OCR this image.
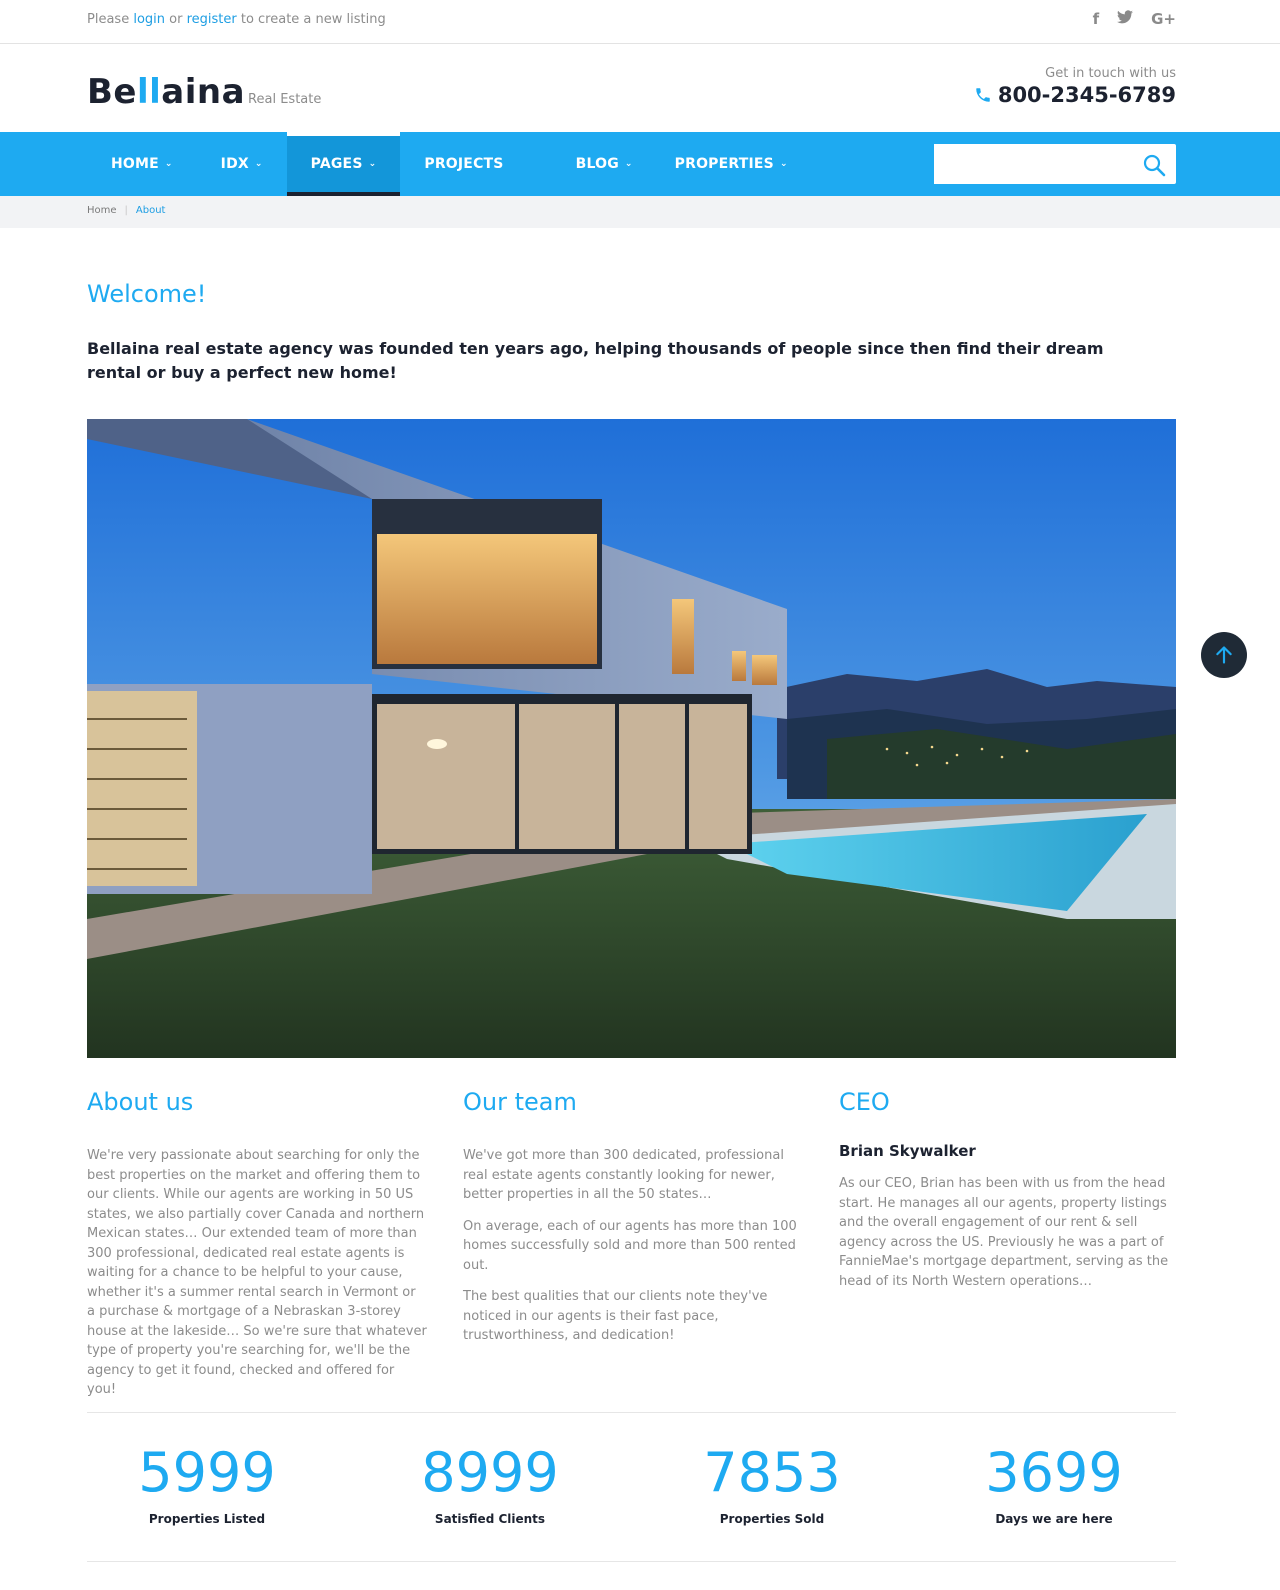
Please login or register to create a new listing	f	G+
Bellaina Real Estate
Get in touch with us
800-2345-6789
HOME ⌄	IDX ⌄	PAGES ⌄	PROJECTS	BLOG ⌄	PROPERTIES ⌄
Home | About
Welcome!

Bellaina real estate agency was founded ten years ago, helping thousands of people since then find their dream rental or buy a perfect new home!

About us

We're very passionate about searching for only the best properties on the market and offering them to our clients. While our agents are working in 50 US states, we also partially cover Canada and northern Mexican states… Our extended team of more than 300 professional, dedicated real estate agents is waiting for a chance to be helpful to your cause, whether it's a summer rental search in Vermont or a purchase & mortgage of a Nebraskan 3-storey house at the lakeside… So we're sure that whatever type of property you're searching for, we'll be the agency to get it found, checked and offered for you!

Our team

We've got more than 300 dedicated, professional real estate agents constantly looking for newer, better properties in all the 50 states…

On average, each of our agents has more than 100 homes successfully sold and more than 500 rented out.

The best qualities that our clients note they've noticed in our agents is their fast pace, trustworthiness, and dedication!

CEO
Brian Skywalker

As our CEO, Brian has been with us from the head start. He manages all our agents, property listings and the overall engagement of our rent & sell agency across the US. Previously he was a part of FannieMae's mortgage department, serving as the head of its North Western operations…

5999
Properties Listed
8999
Satisfied Clients
7853
Properties Sold
3699
Days we are here
